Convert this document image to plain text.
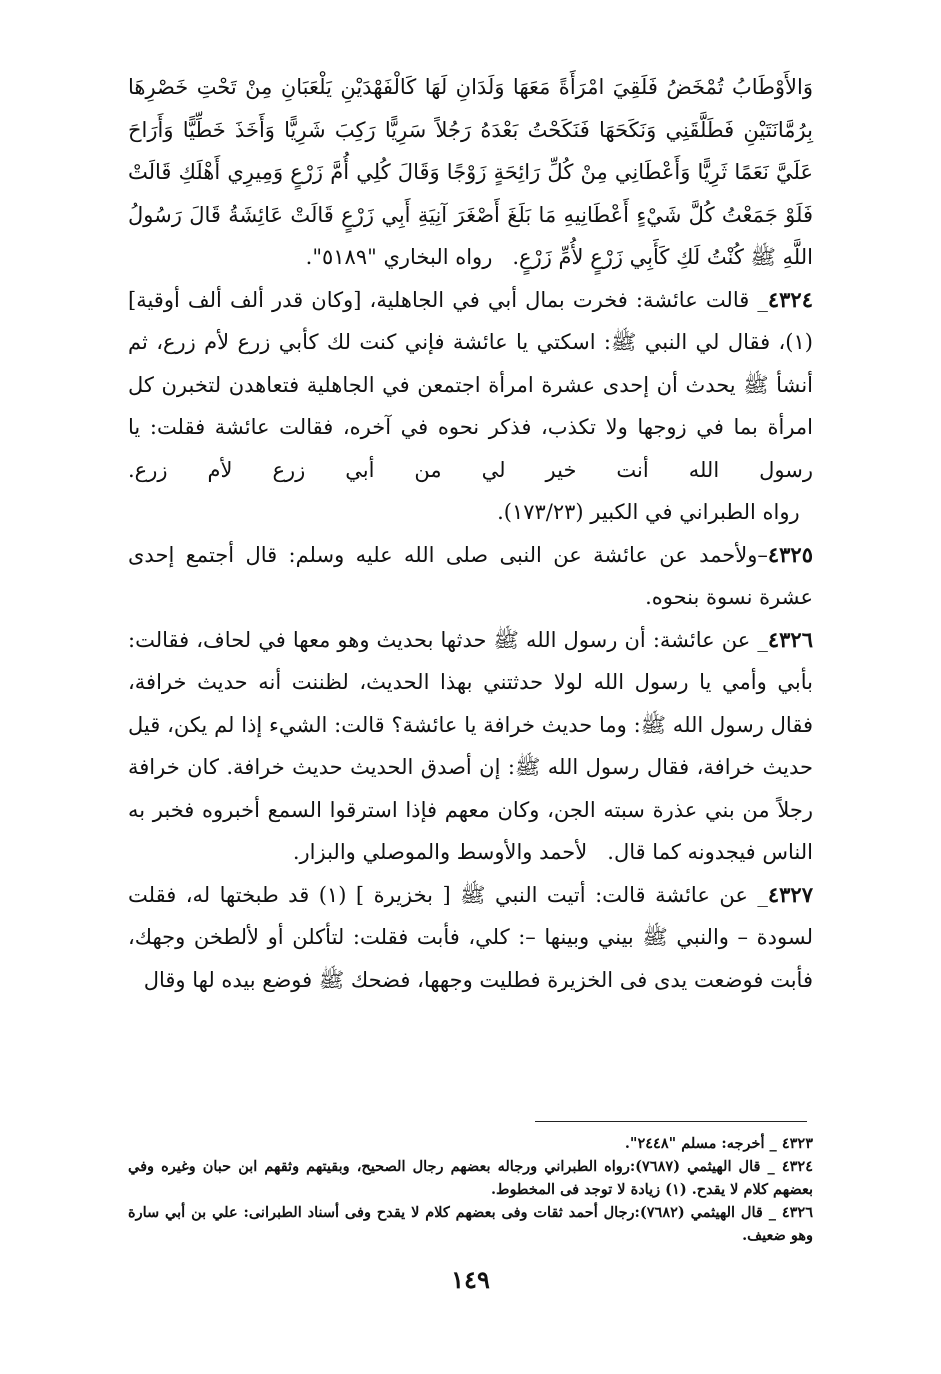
وَالأَوْطَابُ تُمْخَضُ فَلَقِيَ امْرَأَةً مَعَهَا وَلَدَانِ لَهَا كَالْفَهْدَيْنِ يَلْعَبَانِ مِنْ تَحْتِ خَصْرِهَا بِرُمَّانَتَيْنِ فَطَلَّقَنِي وَنَكَحَهَا فَنَكَحْتُ بَعْدَهُ رَجُلاً سَرِيًّا رَكِبَ شَرِيًّا وَأَخَذَ خَطِّيًّا وَأَرَاحَ عَلَيَّ نَعَمًا ثَرِيًّا وَأَعْطَانِي مِنْ كُلِّ رَائِحَةٍ زَوْجًا وَقَالَ كُلِي أُمَّ زَرْعٍ وَمِيرِي أَهْلَكِ قَالَتْ فَلَوْ جَمَعْتُ كُلَّ شَيْءٍ أَعْطَانِيهِ مَا بَلَغَ أَصْغَرَ آنِيَةِ أَبِي زَرْعٍ قَالَتْ عَائِشَةُ قَالَ رَسُولُ اللَّهِ ﷺ كُنْتُ لَكِ كَأَبِي زَرْعٍ لأُمِّ زَرْعٍ.   رواه البخاري "٥١٨٩".

٤٣٢٤_ قالت عائشة: فخرت بمال أبي في الجاهلية، [وكان قدر ألف ألف أوقية](١)، فقال لي النبي ﷺ: اسكتي يا عائشة فإني كنت لك كأبي زرع لأم زرع، ثم أنشأ ﷺ يحدث أن إحدى عشرة امرأة اجتمعن في الجاهلية فتعاهدن لتخبرن كل امرأة بما في زوجها ولا تكذب، فذكر نحوه في آخره، فقالت عائشة فقلت: يا رسول الله أنت خير لي من أبي زرع لأم زرع.   رواه الطبراني في الكبير (١٧٣/٢٣).

٤٣٢٥–ولأحمد عن عائشة عن النبى صلى الله عليه وسلم: قال أجتمع إحدى عشرة نسوة بنحوه.

٤٣٢٦_ عن عائشة: أن رسول الله ﷺ حدثها بحديث وهو معها في لحاف، فقالت: بأبي وأمي يا رسول الله لولا حدثتني بهذا الحديث، لظننت أنه حديث خرافة، فقال رسول الله ﷺ: وما حديث خرافة يا عائشة؟ قالت: الشيء إذا لم يكن، قيل حديث خرافة، فقال رسول الله ﷺ: إن أصدق الحديث حديث خرافة. كان خرافة رجلاً من بني عذرة سبته الجن، وكان معهم فإذا استرقوا السمع أخبروه فخبر به الناس فيجدونه كما قال.   لأحمد والأوسط والموصلي والبزار.

٤٣٢٧_ عن عائشة قالت: أتيت النبي ﷺ [ بخزيرة ] (١) قد طبختها له، فقلت لسودة – والنبي ﷺ بيني وبينها –: كلي، فأبت فقلت: لتأكلن أو لألطخن وجهك، فأبت فوضعت يدى فى الخزيرة فطليت وجهها، فضحك ﷺ فوضع بيده لها وقال

٤٣٢٣ _ أخرجه: مسلم "٢٤٤٨".

٤٣٢٤ _ قال الهيثمي (٧٦٨٧):رواه الطبراني ورجاله بعضهم رجال الصحيح، وبقيتهم وثقهم ابن حبان وغيره وفي بعضهم كلام لا يقدح. (١) زيادة لا توجد فى المخطوط.

٤٣٢٦ _ قال الهيثمي (٧٦٨٢):رجال أحمد ثقات وفى بعضهم كلام لا يقدح وفى أسناد الطبرانى: علي بن أبي سارة وهو ضعيف.

١٤٩
